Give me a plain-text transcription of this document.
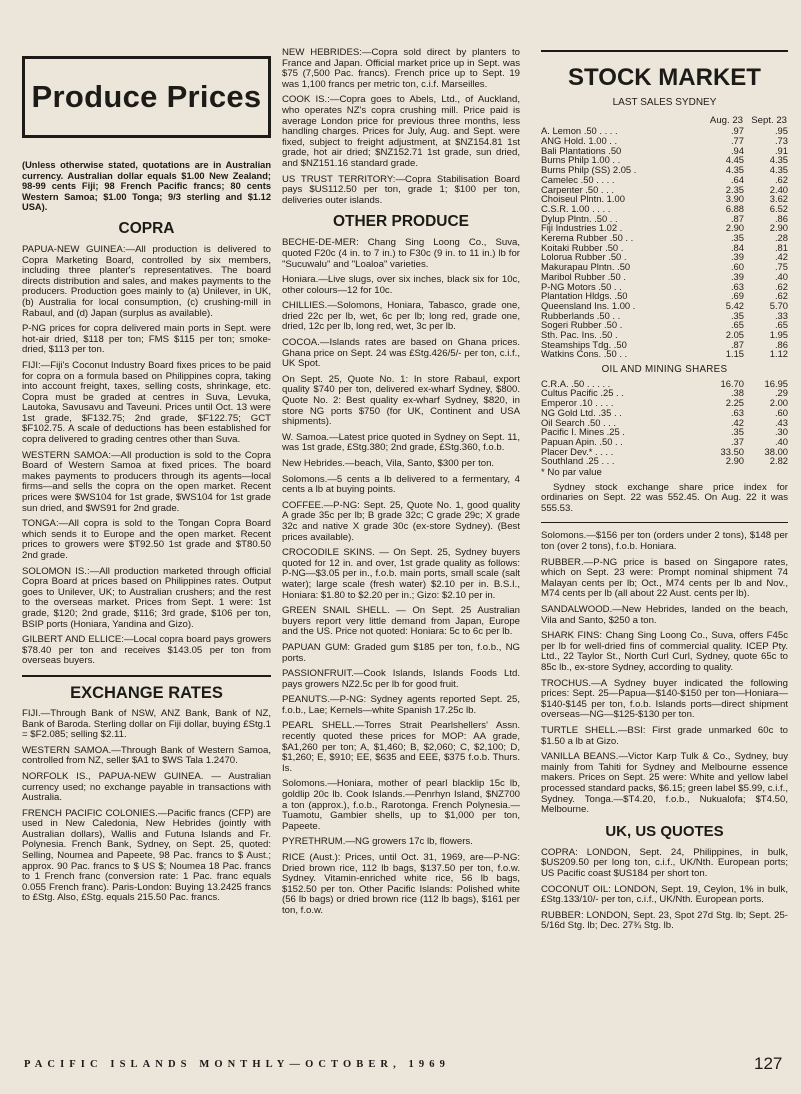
Produce Prices

(Unless otherwise stated, quotations are in Australian currency. Australian dollar equals $1.00 New Zealand; 98-99 cents Fiji; 98 French Pacific francs; 80 cents Western Samoa; $1.00 Tonga; 9/3 sterling and $1.12 USA).

COPRA

PAPUA-NEW GUINEA:—All production is delivered to Copra Marketing Board, controlled by six members, including three planter's representatives. The board directs distribution and sales, and makes payments to the producers. Production goes mainly to (a) Unilever, in UK, (b) Australia for local consumption, (c) crushing-mill in Rabaul, and (d) Japan (surplus as available).

P-NG prices for copra delivered main ports in Sept. were hot-air dried, $118 per ton; FMS $115 per ton; smoke-dried, $113 per ton.

FIJI:—Fiji's Coconut Industry Board fixes prices to be paid for copra on a formula based on Philippines copra, taking into account freight, taxes, selling costs, shrinkage, etc. Copra must be graded at centres in Suva, Levuka, Lautoka, Savusavu and Taveuni. Prices until Oct. 13 were 1st grade, $F132.75; 2nd grade, $F122.75; GCT $F102.75. A scale of deductions has been established for copra delivered to grading centres other than Suva.

WESTERN SAMOA:—All production is sold to the Copra Board of Western Samoa at fixed prices. The board makes payments to producers through its agents—local firms—and sells the copra on the open market. Recent prices were $WS104 for 1st grade, $WS104 for 1st grade sun dried, and $WS91 for 2nd grade.

TONGA:—All copra is sold to the Tongan Copra Board which sends it to Europe and the open market. Recent prices to growers were $T92.50 1st grade and $T80.50 2nd grade.

SOLOMON IS.:—All production marketed through official Copra Board at prices based on Philippines rates. Output goes to Unilever, UK; to Australian crushers; and the rest to the overseas market. Prices from Sept. 1 were: 1st grade, $120; 2nd grade, $116; 3rd grade, $106 per ton, BSIP ports (Honiara, Yandina and Gizo).

GILBERT AND ELLICE:—Local copra board pays growers $78.40 per ton and receives $143.05 per ton from overseas buyers.

EXCHANGE RATES

FIJI.—Through Bank of NSW, ANZ Bank, Bank of NZ, Bank of Baroda. Sterling dollar on Fiji dollar, buying £Stg.1 = $F2.085; selling $2.11.

WESTERN SAMOA.—Through Bank of Western Samoa, controlled from NZ, seller $A1 to $WS Tala 1.2470.

NORFOLK IS., PAPUA-NEW GUINEA. — Australian currency used; no exchange payable in transactions with Australia.

FRENCH PACIFIC COLONIES.—Pacific francs (CFP) are used in New Caledonia, New Hebrides (jointly with Australian dollars), Wallis and Futuna Islands and Fr. Polynesia. French Bank, Sydney, on Sept. 25, quoted: Selling, Noumea and Papeete, 98 Pac. francs to $ Aust.; approx. 90 Pac. francs to $ US $; Noumea 18 Pac. francs to 1 French franc (conversion rate: 1 Pac. franc equals 0.055 French franc). Paris-London: Buying 13.2425 francs to £Stg. Also, £Stg. equals 215.50 Pac. francs.

NEW HEBRIDES:—Copra sold direct by planters to France and Japan. Official market price up in Sept. was $75 (7,500 Pac. francs). French price up to Sept. 19 was 1,100 francs per metric ton, c.i.f. Marseilles.

COOK IS.:—Copra goes to Abels, Ltd., of Auckland, who operates NZ's copra crushing mill. Price paid is average London price for previous three months, less handling charges. Prices for July, Aug. and Sept. were fixed, subject to freight adjustment, at $NZ154.81 1st grade, hot air dried; $NZ152.71 1st grade, sun dried, and $NZ151.16 standard grade.

US TRUST TERRITORY:—Copra Stabilisation Board pays $US112.50 per ton, grade 1; $100 per ton, deliveries outer islands.

OTHER PRODUCE

BECHE-DE-MER: Chang Sing Loong Co., Suva, quoted F20c (4 in. to 7 in.) to F30c (9 in. to 11 in.) lb for "Sucuwalu" and "Loaloa" varieties.

Honiara.—Live slugs, over six inches, black six for 10c, other colours—12 for 10c.

CHILLIES.—Solomons, Honiara, Tabasco, grade one, dried 22c per lb, wet, 6c per lb; long red, grade one, dried, 12c per lb, long red, wet, 3c per lb.

COCOA.—Islands rates are based on Ghana prices. Ghana price on Sept. 24 was £Stg.426/5/- per ton, c.i.f., UK Spot.

On Sept. 25, Quote No. 1: In store Rabaul, export quality $740 per ton, delivered ex-wharf Sydney, $800. Quote No. 2: Best quality ex-wharf Sydney, $820, in store NG ports $750 (for UK, Continent and USA shipments).

W. Samoa.—Latest price quoted in Sydney on Sept. 11, was 1st grade, £Stg.380; 2nd grade, £Stg.360, f.o.b.

New Hebrides.—beach, Vila, Santo, $300 per ton.

Solomons.—5 cents a lb delivered to a fermentary, 4 cents a lb at buying points.

COFFEE.—P-NG: Sept. 25, Quote No. 1, good quality A grade 35c per lb; B grade 32c; C grade 29c; X grade 32c and native X grade 30c (ex-store Sydney). (Best prices available).

CROCODILE SKINS. — On Sept. 25, Sydney buyers quoted for 12 in. and over, 1st grade quality as follows: P-NG—$3.05 per in., f.o.b. main ports, small scale (salt water); large scale (fresh water) $2.10 per in. B.S.I., Honiara: $1.80 to $2.20 per in.; Gizo: $2.10 per in.

GREEN SNAIL SHELL. — On Sept. 25 Australian buyers report very little demand from Japan, Europe and the US. Price not quoted: Honiara: 5c to 6c per lb.

PAPUAN GUM: Graded gum $185 per ton, f.o.b., NG ports.

PASSIONFRUIT.—Cook Islands, Islands Foods Ltd. pays growers NZ2.5c per lb for good fruit.

PEANUTS.—P-NG: Sydney agents reported Sept. 25, f.o.b., Lae; Kernels—white Spanish 17.25c lb.

PEARL SHELL.—Torres Strait Pearlshellers' Assn. recently quoted these prices for MOP: AA grade, $A1,260 per ton; A, $1,460; B, $2,060; C, $2,100; D, $1,260; E, $910; EE, $635 and EEE, $375 f.o.b. Thurs. Is.

Solomons.—Honiara, mother of pearl blacklip 15c lb, goldlip 20c lb. Cook Islands.—Penrhyn Island, $NZ700 a ton (approx.), f.o.b., Rarotonga. French Polynesia.—Tuamotu, Gambier shells, up to $1,000 per ton, Papeete.

PYRETHRUM.—NG growers 17c lb, flowers.

RICE (Aust.): Prices, until Oct. 31, 1969, are—P-NG: Dried brown rice, 112 lb bags, $137.50 per ton, f.o.w. Sydney. Vitamin-enriched white rice, 56 lb bags, $152.50 per ton. Other Pacific Islands: Polished white (56 lb bags) or dried brown rice (112 lb bags), $161 per ton, f.o.w.

STOCK MARKET
LAST SALES SYDNEY
	Aug. 23	Sept. 23
A. Lemon .50 . . . .	.97	.95
ANG Hold. 1.00 . .	.77	.73
Bali Plantations .50	.94	.91
Burns Philp 1.00 . .	4.45	4.35
Burns Philp (SS) 2.05 .	4.35	4.35
Camelec .50 . . . .	.64	.62
Carpenter .50 . . .	2.35	2.40
Choiseul Plntn. 1.00	3.90	3.62
C.S.R. 1.00 . . . .	6.88	6.52
Dylup Plntn. .50 . .	.87	.86
Fiji Industries 1.02 .	2.90	2.90
Kerema Rubber .50 . .	.35	.28
Koitaki Rubber .50 .	.84	.81
Lolorua Rubber .50 .	.39	.42
Makurapau Plntn. .50	.60	.75
Maribol Rubber .50 .	.39	.40
P-NG Motors .50 . .	.63	.62
Plantation Hldgs. .50	.69	.62
Queensland Ins. 1.00 .	5.42	5.70
Rubberlands .50 . .	.35	.33
Sogeri Rubber .50 .	.65	.65
Sth. Pac. Ins. .50 .	2.05	1.95
Steamships Tdg. .50	.87	.86
Watkins Cons. .50 . .	1.15	1.12
OIL AND MINING SHARES
C.R.A. .50 . . . . .	16.70	16.95
Cultus Pacific .25 . .	.38	.29
Emperor .10 . . . .	2.25	2.00
NG Gold Ltd. .35 . .	.63	.60
Oil Search .50 . . .	.42	.43
Pacific I. Mines .25 .	.35	.30
Papuan Apin. .50 . .	.37	.40
Placer Dev.* . . . .	33.50	38.00
Southland .25 . . .	2.90	2.82

* No par value

Sydney stock exchange share price index for ordinaries on Sept. 22 was 552.45. On Aug. 22 it was 555.53.

Solomons.—$156 per ton (orders under 2 tons), $148 per ton (over 2 tons), f.o.b. Honiara.

RUBBER.—P-NG price is based on Singapore rates, which on Sept. 23 were: Prompt nominal shipment 74 Malayan cents per lb; Oct., M74 cents per lb and Nov., M74 cents per lb (all about 22 Aust. cents per lb).

SANDALWOOD.—New Hebrides, landed on the beach, Vila and Santo, $250 a ton.

SHARK FINS: Chang Sing Loong Co., Suva, offers F45c per lb for well-dried fins of commercial quality. ICEP Pty. Ltd., 22 Taylor St., North Curl Curl, Sydney, quote 65c to 85c lb., ex-store Sydney, according to quality.

TROCHUS.—A Sydney buyer indicated the following prices: Sept. 25—Papua—$140-$150 per ton—Honiara—$140-$145 per ton, f.o.b. Islands ports—direct shipment overseas—NG—$125-$130 per ton.

TURTLE SHELL.—BSI: First grade unmarked 60c to $1.50 a lb at Gizo.

VANILLA BEANS.—Victor Karp Tulk & Co., Sydney, buy mainly from Tahiti for Sydney and Melbourne essence makers. Prices on Sept. 25 were: White and yellow label processed standard packs, $6.15; green label $5.99, c.i.f., Sydney. Tonga.—$T4.20, f.o.b., Nukualofa; $T4.50, Melbourne.

UK, US QUOTES

COPRA: LONDON, Sept. 24, Philippines, in bulk, $US209.50 per long ton, c.i.f., UK/Nth. European ports; US Pacific coast $US184 per short ton.

COCONUT OIL: LONDON, Sept. 19, Ceylon, 1% in bulk, £Stg.133/10/- per ton, c.i.f., UK/Nth. European ports.

RUBBER: LONDON, Sept. 23, Spot 27d Stg. lb; Sept. 25-5/16d Stg. lb; Dec. 27¾ Stg. lb.

PACIFIC ISLANDS MONTHLY—OCTOBER, 1969	127
